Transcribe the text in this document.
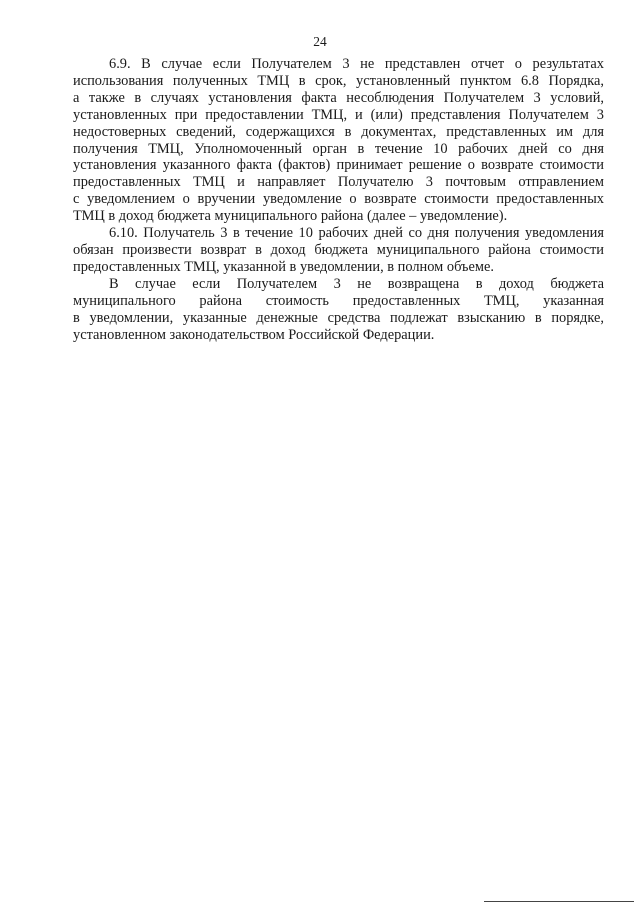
24

6.9. В случае если Получателем 3 не представлен отчет о результатах
использования полученных ТМЦ в срок, установленный пунктом 6.8 Порядка,
а также в случаях установления факта несоблюдения Получателем 3 условий,
установленных при предоставлении ТМЦ, и (или) представления Получателем 3
недостоверных сведений, содержащихся в документах, представленных им для
получения ТМЦ, Уполномоченный орган в течение 10 рабочих дней со дня
установления указанного факта (фактов) принимает решение о возврате стоимости
предоставленных ТМЦ и направляет Получателю 3 почтовым отправлением
с уведомлением о вручении уведомление о возврате стоимости предоставленных
ТМЦ в доход бюджета муниципального района (далее – уведомление).

6.10. Получатель 3 в течение 10 рабочих дней со дня получения уведомления
обязан произвести возврат в доход бюджета муниципального района стоимости
предоставленных ТМЦ, указанной в уведомлении, в полном объеме.

В случае если Получателем 3 не возвращена в доход бюджета
муниципального района стоимость предоставленных ТМЦ, указанная
в уведомлении, указанные денежные средства подлежат взысканию в порядке,
установленном законодательством Российской Федерации.
